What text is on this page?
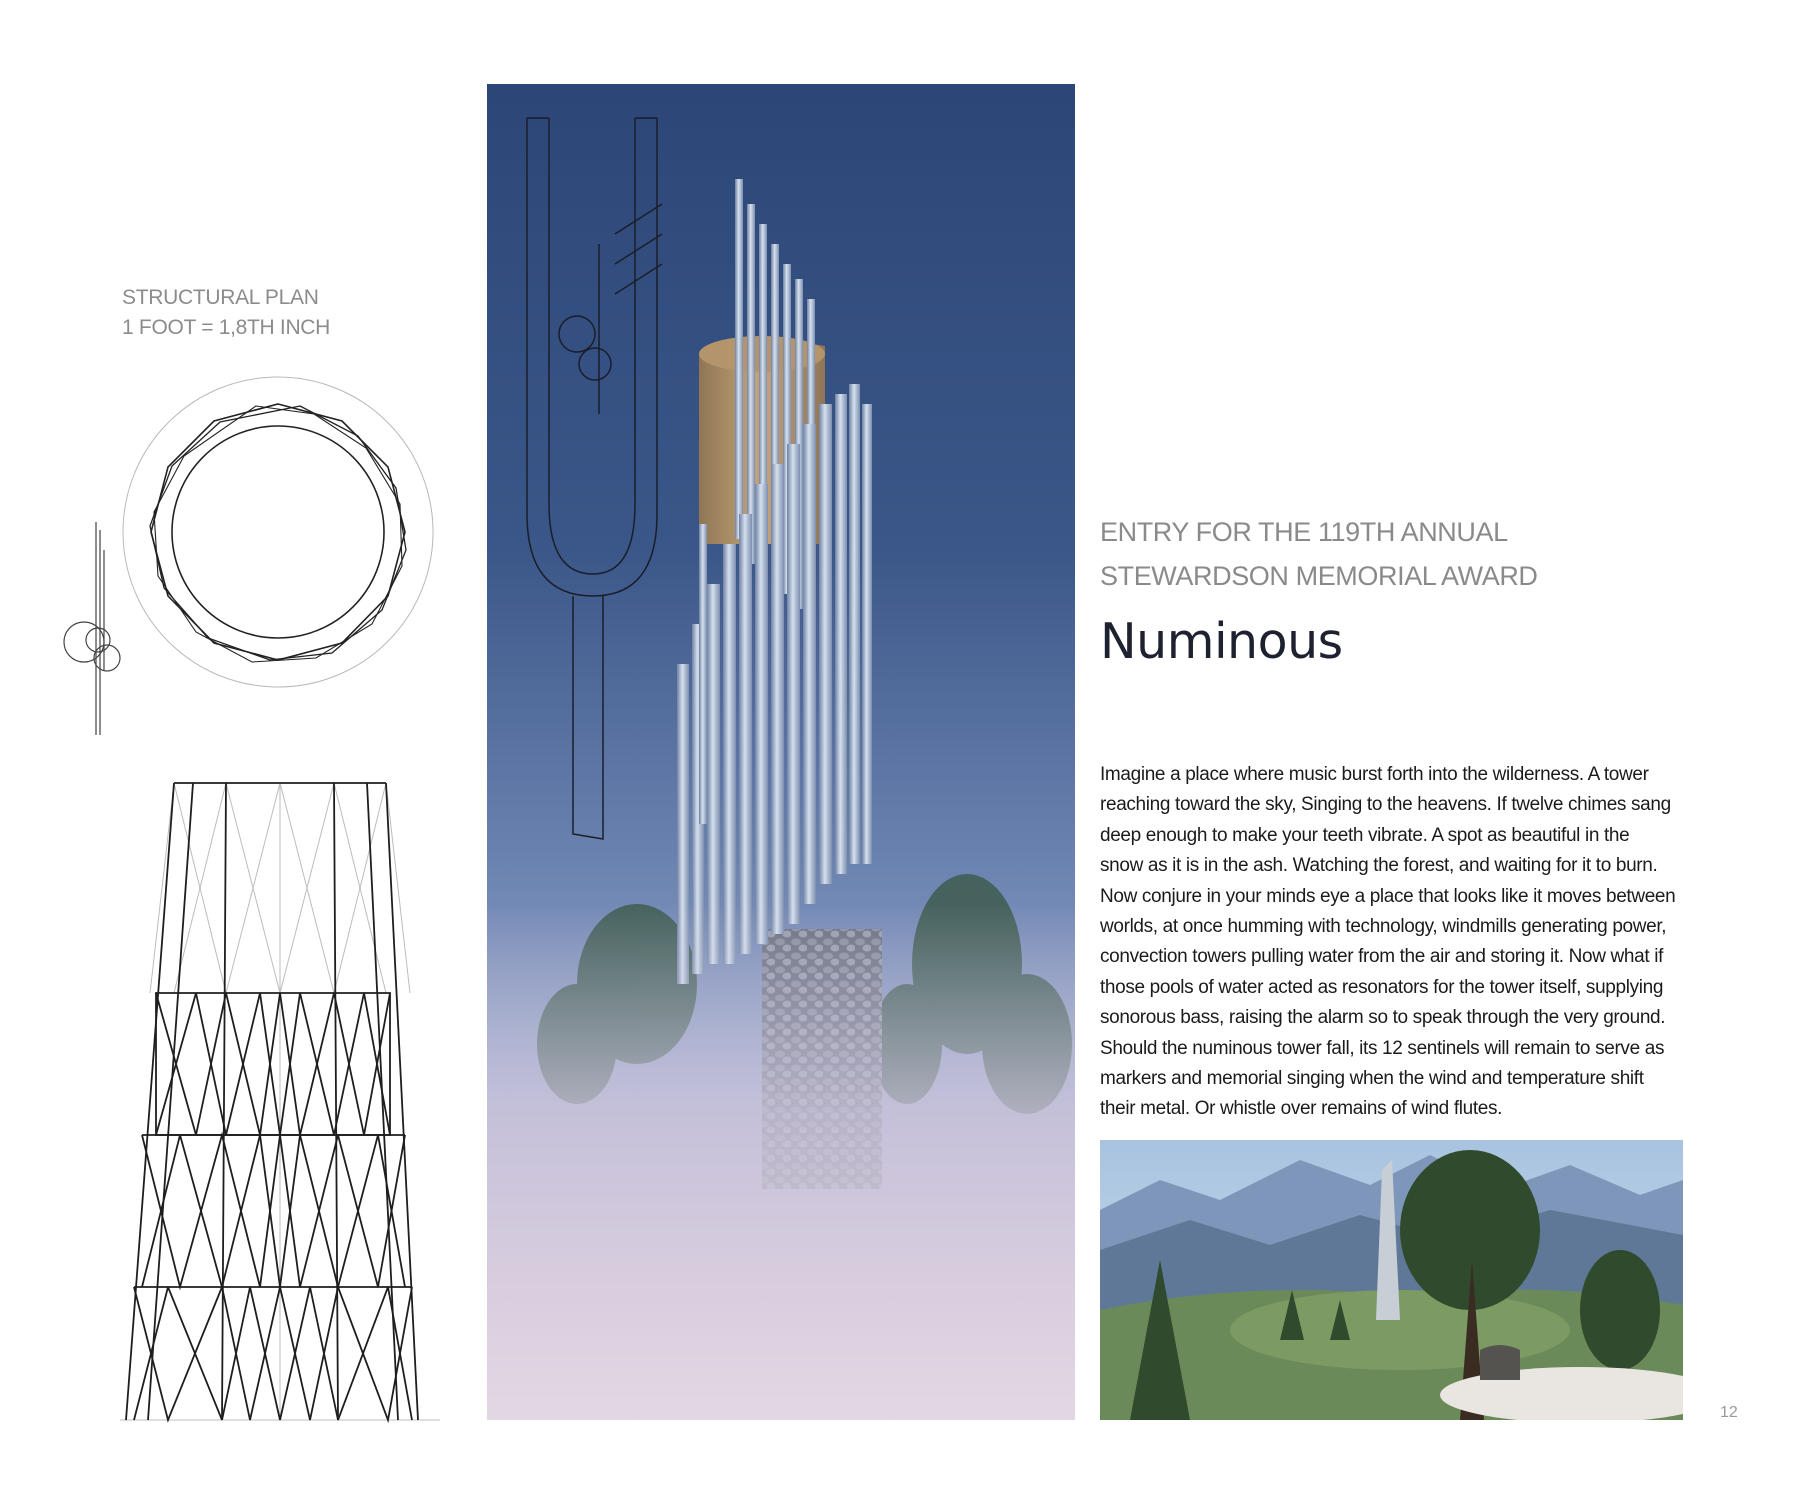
STRUCTURAL PLAN
1 FOOT = 1,8TH INCH
ENTRY FOR THE 119TH ANNUAL
STEWARDSON MEMORIAL AWARD
Numinous
Imagine a place where music burst forth into the wilderness. A tower
reaching toward the sky, Singing to the heavens. If twelve chimes sang
deep enough to make your teeth vibrate. A spot as beautiful in the
snow as it is in the ash. Watching the forest, and waiting for it to burn.
Now conjure in your minds eye a place that looks like it moves between
worlds, at once humming with technology, windmills generating power,
convection towers pulling water from the air and storing it. Now what if
those pools of water acted as resonators for the tower itself, supplying
sonorous bass, raising the alarm so to speak through the very ground.
Should the numinous tower fall, its 12 sentinels will remain to serve as
markers and memorial singing when the wind and temperature shift
their metal. Or whistle over remains of wind flutes.
12
